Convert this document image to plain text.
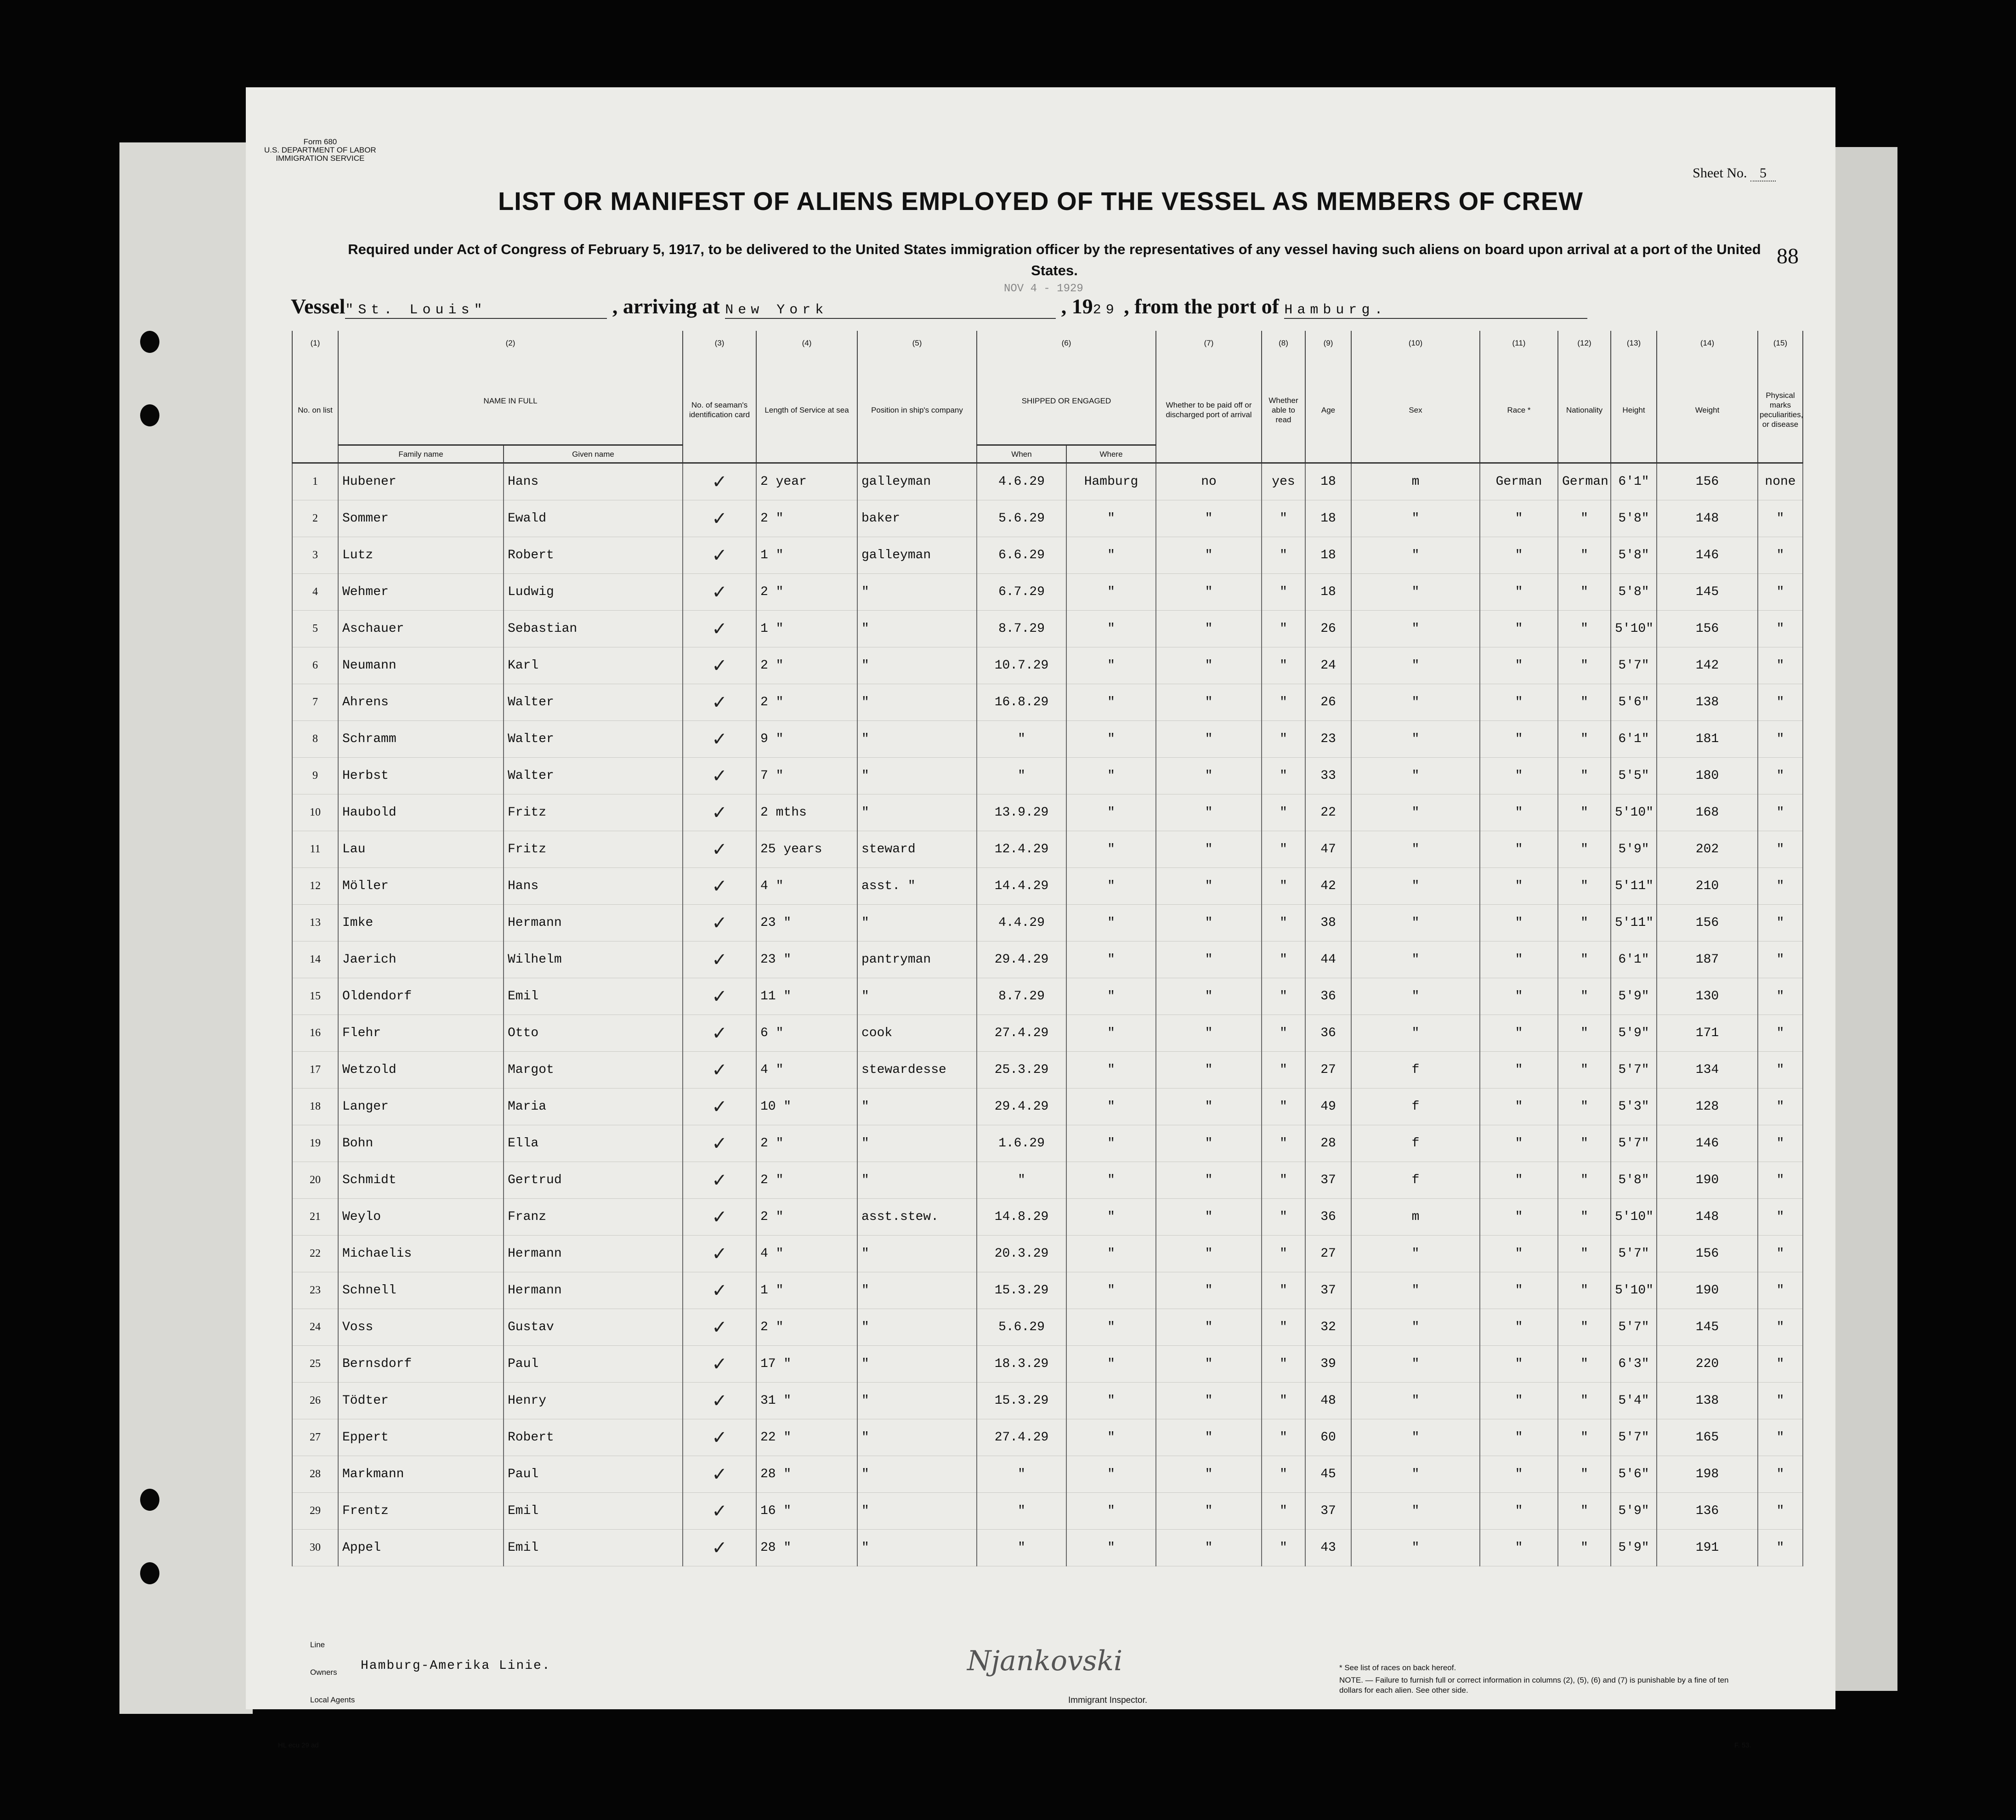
Form 680
U.S. DEPARTMENT OF LABOR
IMMIGRATION SERVICE
Sheet No. 5
LIST OR MANIFEST OF ALIENS EMPLOYED OF THE VESSEL AS MEMBERS OF CREW
Required under Act of Congress of February 5, 1917, to be delivered to the United States immigration officer by the representatives of any vessel having such aliens on board upon arrival at a port of the United States.
88
NOV 4 - 1929
Vessel"St. Louis"	, arriving at New York	, 1929 , from the port of Hamburg.
(1)	(2)		(3)	(4)	(5)	(6)		(7)	(8)	(9)	(10)	(11)	(12)	(13)	(14)	(15)
No. on list	NAME IN FULL		No. of seaman's identification card	Length of Service at sea	Position in ship's company	SHIPPED OR ENGAGED		Whether to be paid off or discharged port of arrival	Whether able to read	Age	Sex	Race *	Nationality	Height	Weight	Physical marks peculiarities, or disease
	Family name	Given name				When	Where									
1	Hubener	Hans	✓	2 year	galleyman	4.6.29	Hamburg	no	yes	18	m	German	German	6'1"	156	none
2	Sommer	Ewald	✓	2 "	baker	5.6.29	"	"	"	18	"	"	"	5'8"	148	"
3	Lutz	Robert	✓	1 "	galleyman	6.6.29	"	"	"	18	"	"	"	5'8"	146	"
4	Wehmer	Ludwig	✓	2 "	"	6.7.29	"	"	"	18	"	"	"	5'8"	145	"
5	Aschauer	Sebastian	✓	1 "	"	8.7.29	"	"	"	26	"	"	"	5'10"	156	"
6	Neumann	Karl	✓	2 "	"	10.7.29	"	"	"	24	"	"	"	5'7"	142	"
7	Ahrens	Walter	✓	2 "	"	16.8.29	"	"	"	26	"	"	"	5'6"	138	"
8	Schramm	Walter	✓	9 "	"	"	"	"	"	23	"	"	"	6'1"	181	"
9	Herbst	Walter	✓	7 "	"	"	"	"	"	33	"	"	"	5'5"	180	"
10	Haubold	Fritz	✓	2 mths	"	13.9.29	"	"	"	22	"	"	"	5'10"	168	"
11	Lau	Fritz	✓	25 years	steward	12.4.29	"	"	"	47	"	"	"	5'9"	202	"
12	Möller	Hans	✓	4 "	asst. "	14.4.29	"	"	"	42	"	"	"	5'11"	210	"
13	Imke	Hermann	✓	23 "	"	4.4.29	"	"	"	38	"	"	"	5'11"	156	"
14	Jaerich	Wilhelm	✓	23 "	pantryman	29.4.29	"	"	"	44	"	"	"	6'1"	187	"
15	Oldendorf	Emil	✓	11 "	"	8.7.29	"	"	"	36	"	"	"	5'9"	130	"
16	Flehr	Otto	✓	6 "	cook	27.4.29	"	"	"	36	"	"	"	5'9"	171	"
17	Wetzold	Margot	✓	4 "	stewardesse	25.3.29	"	"	"	27	f	"	"	5'7"	134	"
18	Langer	Maria	✓	10 "	"	29.4.29	"	"	"	49	f	"	"	5'3"	128	"
19	Bohn	Ella	✓	2 "	"	1.6.29	"	"	"	28	f	"	"	5'7"	146	"
20	Schmidt	Gertrud	✓	2 "	"	"	"	"	"	37	f	"	"	5'8"	190	"
21	Weylo	Franz	✓	2 "	asst.stew.	14.8.29	"	"	"	36	m	"	"	5'10"	148	"
22	Michaelis	Hermann	✓	4 "	"	20.3.29	"	"	"	27	"	"	"	5'7"	156	"
23	Schnell	Hermann	✓	1 "	"	15.3.29	"	"	"	37	"	"	"	5'10"	190	"
24	Voss	Gustav	✓	2 "	"	5.6.29	"	"	"	32	"	"	"	5'7"	145	"
25	Bernsdorf	Paul	✓	17 "	"	18.3.29	"	"	"	39	"	"	"	6'3"	220	"
26	Tödter	Henry	✓	31 "	"	15.3.29	"	"	"	48	"	"	"	5'4"	138	"
27	Eppert	Robert	✓	22 "	"	27.4.29	"	"	"	60	"	"	"	5'7"	165	"
28	Markmann	Paul	✓	28 "	"	"	"	"	"	45	"	"	"	5'6"	198	"
29	Frentz	Emil	✓	16 "	"	"	"	"	"	37	"	"	"	5'9"	136	"
30	Appel	Emil	✓	28 "	"	"	"	"	"	43	"	"	"	5'9"	191	"
Line
Owners Hamburg-Amerika Linie.
Local Agents
Njankovski
Immigrant Inspector.
* See list of races on back hereof.
NOTE. — Failure to furnish full or correct information in columns (2), (5), (6) and (7) is punishable by a fine of ten dollars for each alien. See other side.
HL ecu 29 ad	F. 53.
